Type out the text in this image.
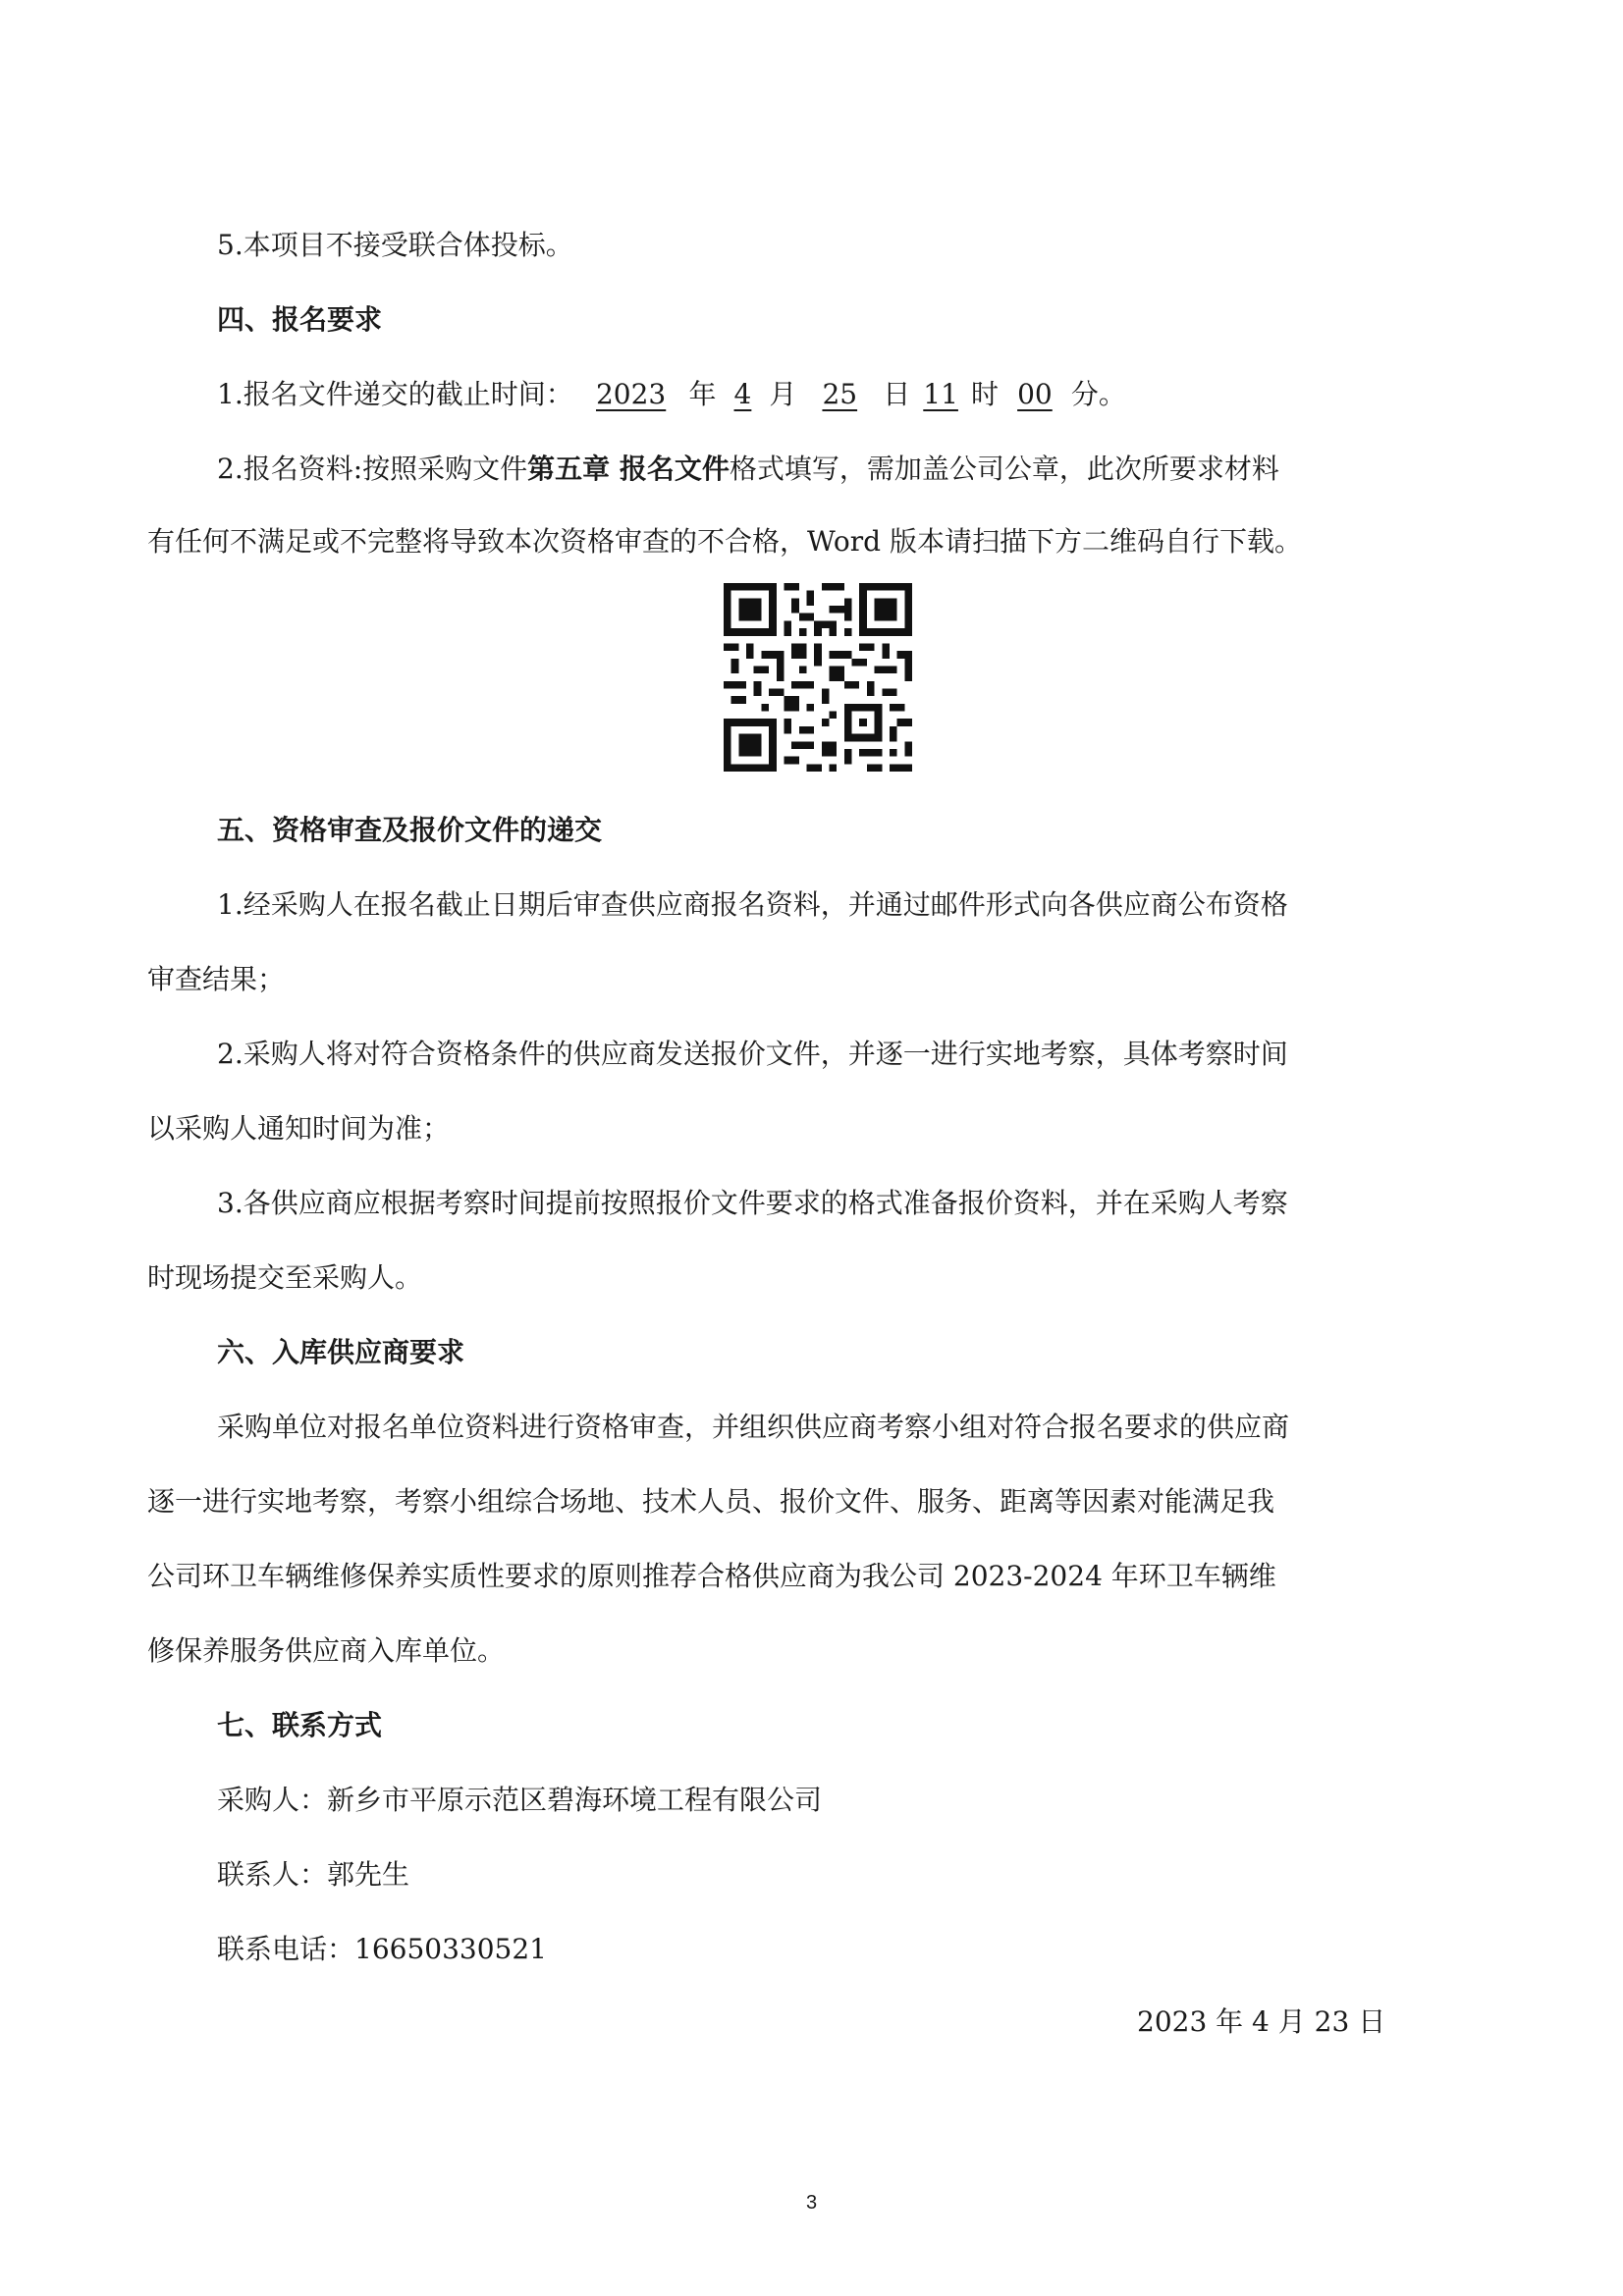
5.本项目不接受联合体投标。
四、报名要求
1.报名文件递交的截止时间： 2023 年 4 月 25 日 11 时 00 分。
2.报名资料:按照采购文件第五章 报名文件格式填写，需加盖公司公章，此次所要求材料
有任何不满足或不完整将导致本次资格审查的不合格，Word 版本请扫描下方二维码自行下载。
五、资格审查及报价文件的递交
1.经采购人在报名截止日期后审查供应商报名资料，并通过邮件形式向各供应商公布资格
审查结果；
2.采购人将对符合资格条件的供应商发送报价文件，并逐一进行实地考察，具体考察时间
以采购人通知时间为准；
3.各供应商应根据考察时间提前按照报价文件要求的格式准备报价资料，并在采购人考察
时现场提交至采购人。
六、入库供应商要求
采购单位对报名单位资料进行资格审查，并组织供应商考察小组对符合报名要求的供应商
逐一进行实地考察，考察小组综合场地、技术人员、报价文件、服务、距离等因素对能满足我
公司环卫车辆维修保养实质性要求的原则推荐合格供应商为我公司 2023-2024 年环卫车辆维
修保养服务供应商入库单位。
七、联系方式
采购人：新乡市平原示范区碧海环境工程有限公司
联系人：郭先生
联系电话：16650330521
2023 年 4 月 23 日
3
